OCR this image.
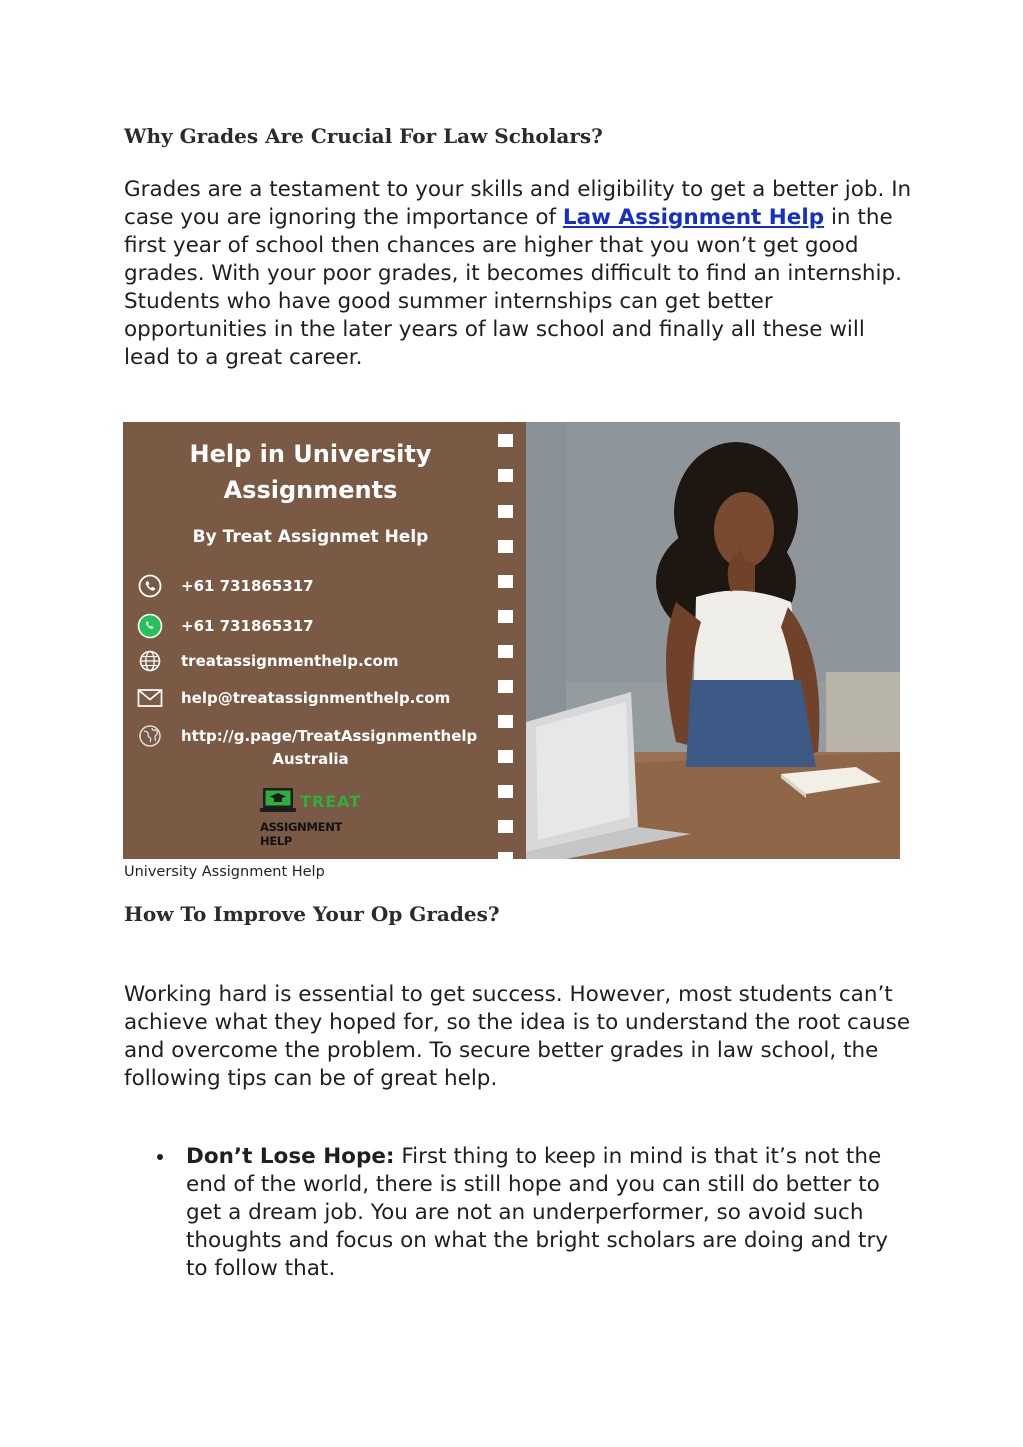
Why Grades Are Crucial For Law Scholars?

Grades are a testament to your skills and eligibility to get a better job. In case you are ignoring the importance of Law Assignment Help in the first year of school then chances are higher that you won’t get good grades. With your poor grades, it becomes difficult to find an internship. Students who have good summer internships can get better opportunities in the later years of law school and finally all these will lead to a great career.

Help in University
Assignments
By Treat Assignmet Help
+61 731865317
+61 731865317
treatassignmenthelp.com
help@treatassignmenthelp.com
http://g.page/TreatAssignmenthelp
Australia
TREAT
ASSIGNMENT HELP

University Assignment Help

How To Improve Your Op Grades?

Working hard is essential to get success. However, most students can’t achieve what they hoped for, so the idea is to understand the root cause and overcome the problem. To secure better grades in law school, the following tips can be of great help.

Don’t Lose Hope: First thing to keep in mind is that it’s not the end of the world, there is still hope and you can still do better to get a dream job. You are not an underperformer, so avoid such thoughts and focus on what the bright scholars are doing and try to follow that.
